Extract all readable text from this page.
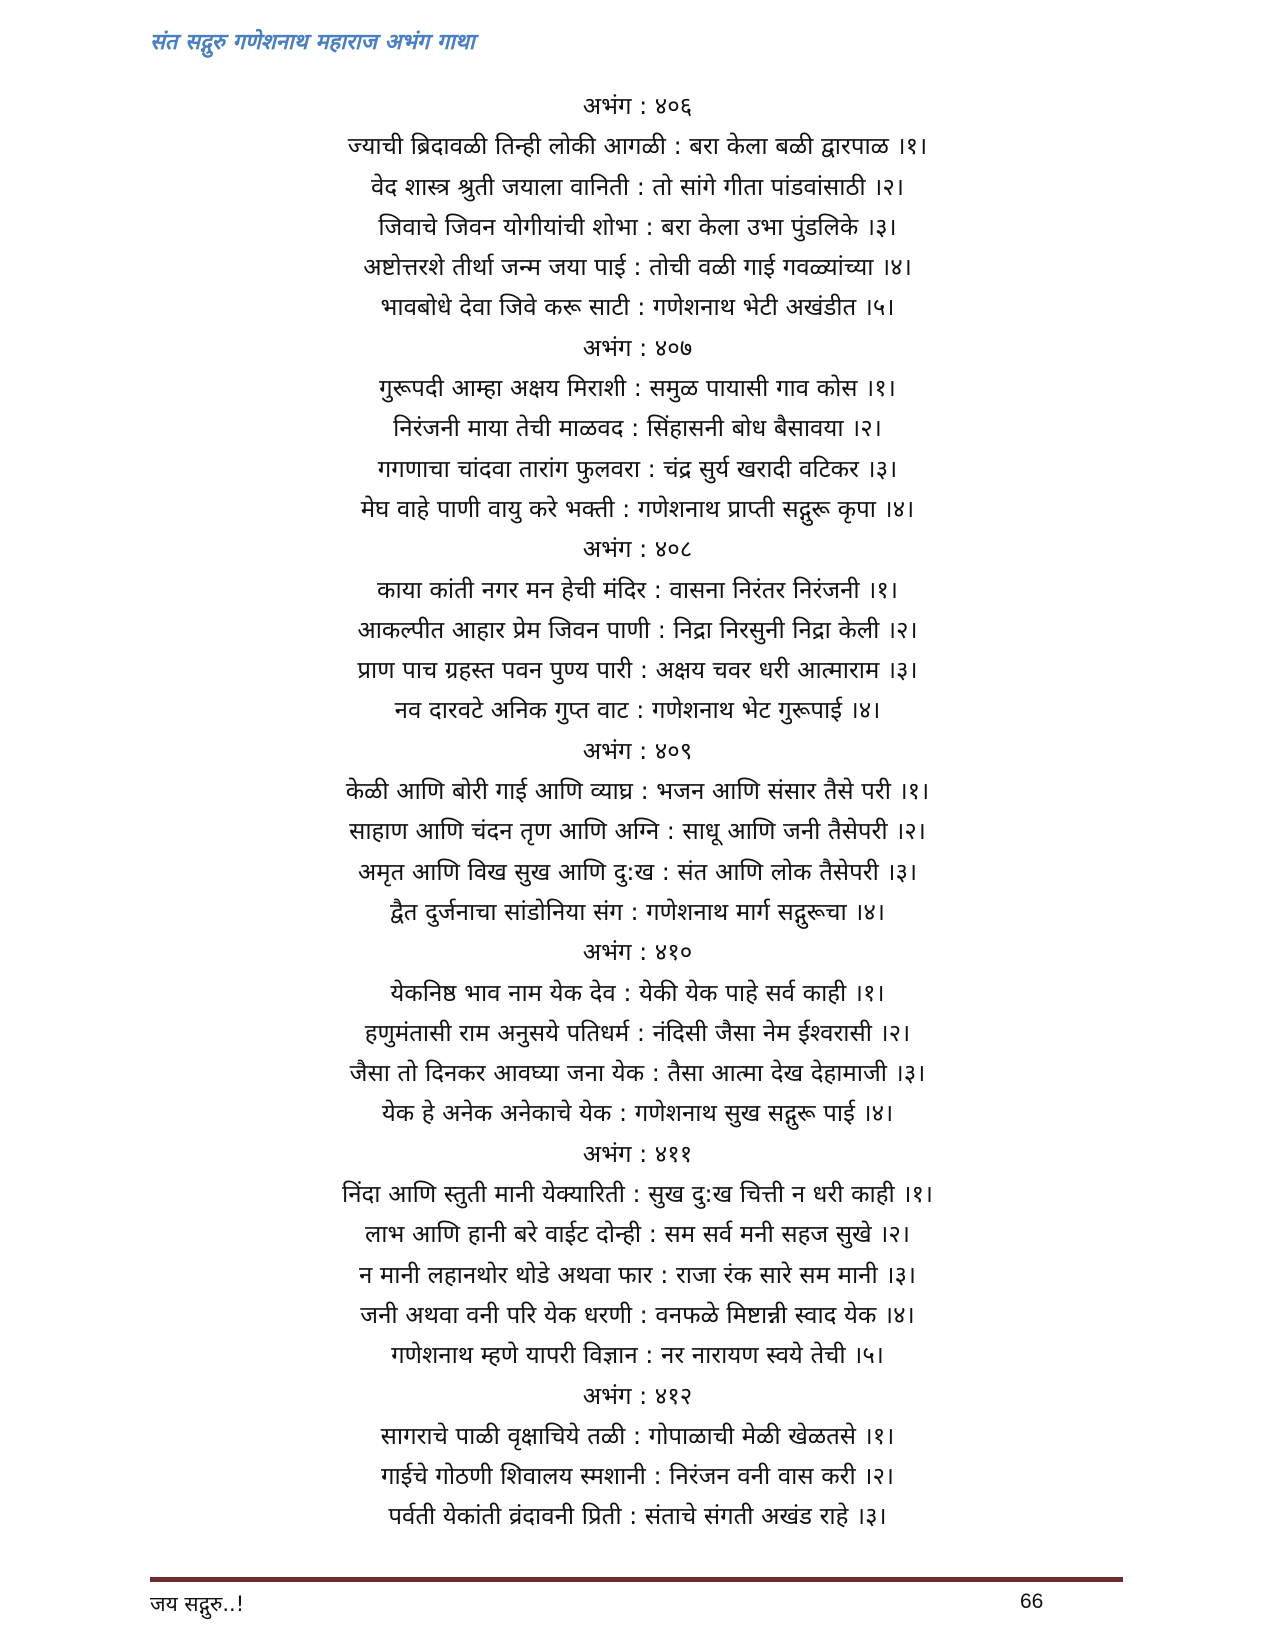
संत सद्गुरु गणेशनाथ महाराज अभंग गाथा
अभंग : ४०६
ज्याची ब्रिदावळी तिन्ही लोकी आगळी : बरा केला बळी द्वारपाळ ।१।
वेद शास्त्र श्रुती जयाला वानिती : तो सांगे गीता पांडवांसाठी ।२।
जिवाचे जिवन योगीयांची शोभा : बरा केला उभा पुंडलिके ।३।
अष्टोत्तरशे तीर्था जन्म जया पाई : तोची वळी गाई गवळ्यांच्या ।४।
भावबोधे देवा जिवे करू साटी : गणेशनाथ भेटी अखंडीत ।५।
अभंग : ४०७
गुरूपदी आम्हा अक्षय मिराशी : समुळ पायासी गाव कोस ।१।
निरंजनी माया तेची माळवद : सिंहासनी बोध बैसावया ।२।
गगणाचा चांदवा तारांग फुलवरा : चंद्र सुर्य खरादी वटिकर ।३।
मेघ वाहे पाणी वायु करे भक्ती : गणेशनाथ प्राप्ती सद्गुरू कृपा ।४।
अभंग : ४०८
काया कांती नगर मन हेची मंदिर : वासना निरंतर निरंजनी ।१।
आकल्पीत आहार प्रेम जिवन पाणी : निद्रा निरसुनी निद्रा केली ।२।
प्राण पाच ग्रहस्त पवन पुण्य पारी : अक्षय चवर धरी आत्माराम ।३।
नव दारवटे अनिक गुप्त वाट : गणेशनाथ भेट गुरूपाई ।४।
अभंग : ४०९
केळी आणि बोरी गाई आणि व्याघ्र : भजन आणि संसार तैसे परी ।१।
साहाण आणि चंदन तृण आणि अग्नि : साधू आणि जनी तैसेपरी ।२।
अमृत आणि विख सुख आणि दु:ख : संत आणि लोक तैसेपरी ।३।
द्वैत दुर्जनाचा सांडोनिया संग : गणेशनाथ मार्ग सद्गुरूचा ।४।
अभंग : ४१०
येकनिष्ठ भाव नाम येक देव : येकी येक पाहे सर्व काही ।१।
हणुमंतासी राम अनुसये पतिधर्म : नंदिसी जैसा नेम ईश्वरासी ।२।
जैसा तो दिनकर आवघ्या जना येक : तैसा आत्मा देख देहामाजी ।३।
येक हे अनेक अनेकाचे येक : गणेशनाथ सुख सद्गुरू पाई ।४।
अभंग : ४११
निंदा आणि स्तुती मानी येक्यारिती : सुख दु:ख चित्ती न धरी काही ।१।
लाभ आणि हानी बरे वाईट दोन्ही : सम सर्व मनी सहज सुखे ।२।
न मानी लहानथोर थोडे अथवा फार : राजा रंक सारे सम मानी ।३।
जनी अथवा वनी परि येक धरणी : वनफळे मिष्टान्नी स्वाद येक ।४।
गणेशनाथ म्हणे यापरी विज्ञान : नर नारायण स्वये तेची ।५।
अभंग : ४१२
सागराचे पाळी वृक्षाचिये तळी : गोपाळाची मेळी खेळतसे ।१।
गाईचे गोठणी शिवालय स्मशानी : निरंजन वनी वास करी ।२।
पर्वती येकांती व्रंदावनी प्रिती : संताचे संगती अखंड राहे ।३।
जय सद्गुरु..!	66
